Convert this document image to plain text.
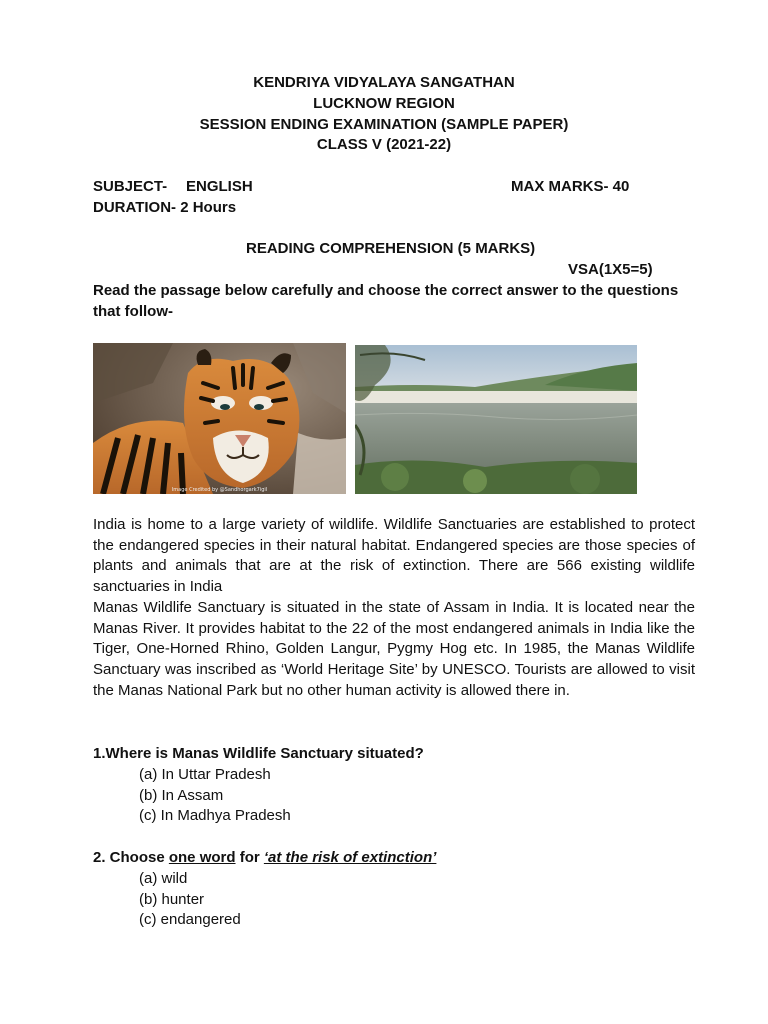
KENDRIYA VIDYALAYA SANGATHAN
LUCKNOW REGION
SESSION ENDING EXAMINATION (SAMPLE PAPER)
CLASS V (2021-22)
SUBJECT- ENGLISH	MAX MARKS- 40
DURATION- 2 Hours
READING COMPREHENSION (5 MARKS)
VSA(1X5=5)
Read the passage below carefully and choose the correct answer to the questions
that follow-
Image Credited by @Sandhorgark7igil
India is home to a large variety of wildlife. Wildlife Sanctuaries are established to protect the endangered species in their natural habitat. Endangered species are those species of plants and animals that are at the risk of extinction. There are 566 existing wildlife sanctuaries in India
Manas Wildlife Sanctuary is situated in the state of Assam in India. It is located near the Manas River. It provides habitat to the 22 of the most endangered animals in India like the Tiger, One-Horned Rhino, Golden Langur, Pygmy Hog etc. In 1985, the Manas Wildlife Sanctuary was inscribed as ‘World Heritage Site’ by UNESCO. Tourists are allowed to visit the Manas National Park but no other human activity is allowed there in.
1.Where is Manas Wildlife Sanctuary situated?
(a) In Uttar Pradesh
(b) In Assam
(c) In Madhya Pradesh
2. Choose one word for ‘at the risk of extinction’
(a) wild
(b) hunter
(c) endangered
